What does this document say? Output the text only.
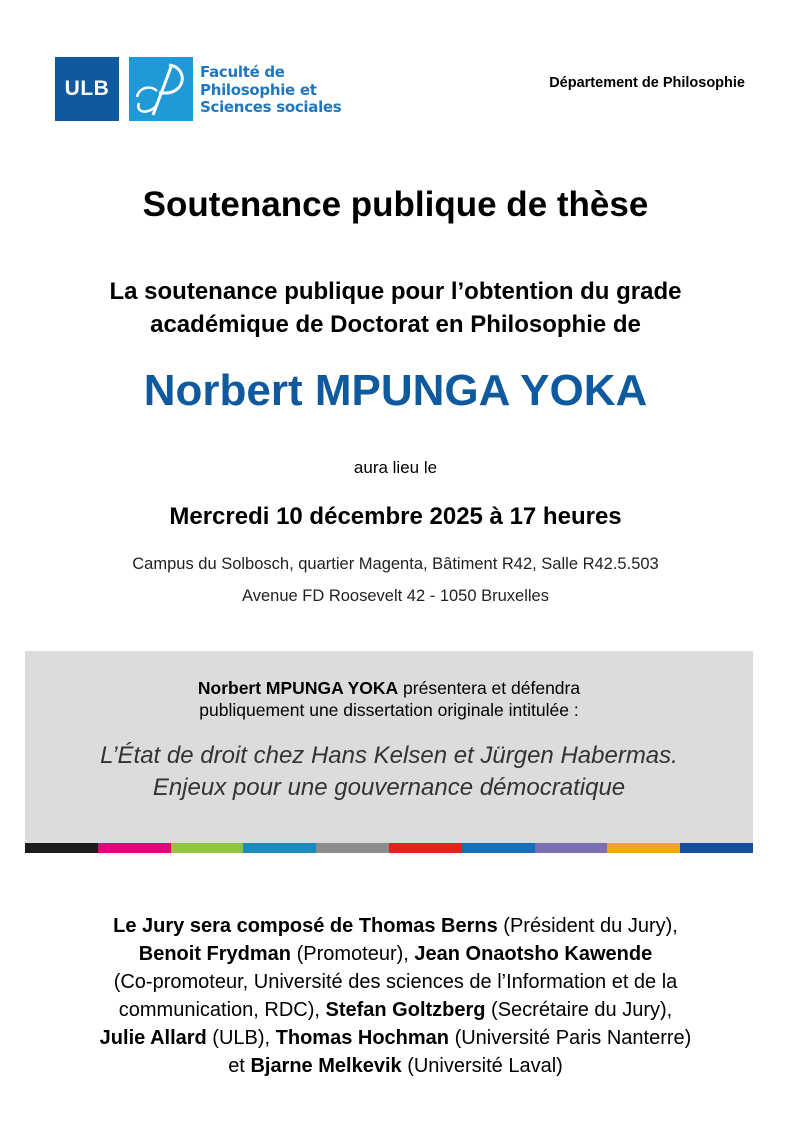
ULB
Faculté de
Philosophie et
Sciences sociales
Département de Philosophie
Soutenance publique de thèse
La soutenance publique pour l’obtention du grade
académique de Doctorat en Philosophie de
Norbert MPUNGA YOKA
aura lieu le
Mercredi 10 décembre 2025 à 17 heures
Campus du Solbosch, quartier Magenta, Bâtiment R42, Salle R42.5.503
Avenue FD Roosevelt 42 - 1050 Bruxelles
Norbert MPUNGA YOKA présentera et défendra
publiquement une dissertation originale intitulée :
L’État de droit chez Hans Kelsen et Jürgen Habermas.
Enjeux pour une gouvernance démocratique
Le Jury sera composé de Thomas Berns (Président du Jury),
Benoit Frydman (Promoteur), Jean Onaotsho Kawende
(Co-promoteur, Université des sciences de l’Information et de la
communication, RDC), Stefan Goltzberg (Secrétaire du Jury),
Julie Allard (ULB), Thomas Hochman (Université Paris Nanterre)
et Bjarne Melkevik (Université Laval)
